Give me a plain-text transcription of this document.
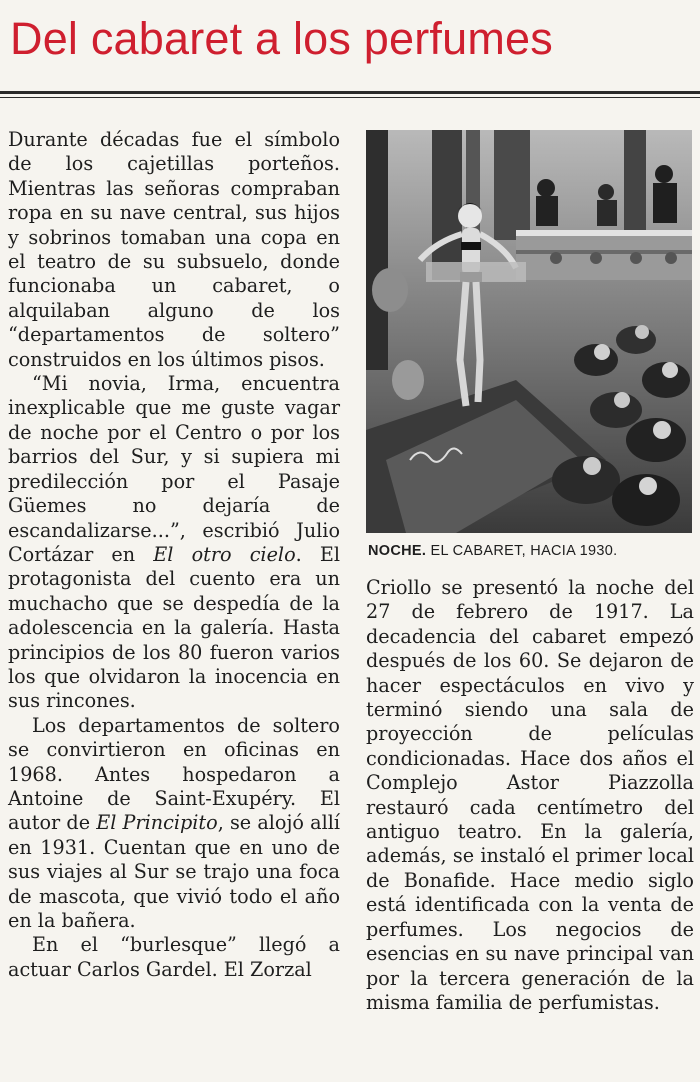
Del cabaret a los perfumes

Durante décadas fue el símbolo de los cajetillas porteños. Mientras las señoras compraban ropa en su nave central, sus hijos y sobrinos tomaban una copa en el teatro de su subsuelo, donde funcionaba un cabaret, o alquilaban alguno de los “departamentos de soltero” construidos en los últimos pisos.

“Mi novia, Irma, encuentra inexplicable que me guste vagar de noche por el Centro o por los barrios del Sur, y si supiera mi predilección por el Pasaje Güemes no dejaría de escandalizarse...”, escribió Julio Cortázar en El otro cielo. El protagonista del cuento era un muchacho que se despedía de la adolescencia en la galería. Hasta principios de los 80 fueron varios los que olvidaron la inocencia en sus rincones.

Los departamentos de soltero se convirtieron en oficinas en 1968. Antes hospedaron a Antoine de Saint-Exupéry. El autor de El Principito, se alojó allí en 1931. Cuentan que en uno de sus viajes al Sur se trajo una foca de mascota, que vivió todo el año en la bañera.

En el “burlesque” llegó a actuar Carlos Gardel. El Zorzal

NOCHE. EL CABARET, HACIA 1930.

Criollo se presentó la noche del 27 de febrero de 1917. La decadencia del cabaret empezó después de los 60. Se dejaron de hacer espectáculos en vivo y terminó siendo una sala de proyección de películas condicionadas. Hace dos años el Complejo Astor Piazzolla restauró cada centímetro del antiguo teatro. En la galería, además, se instaló el primer local de Bonafide. Hace medio siglo está identificada con la venta de perfumes. Los negocios de esencias en su nave principal van por la tercera generación de la misma familia de perfumistas.
